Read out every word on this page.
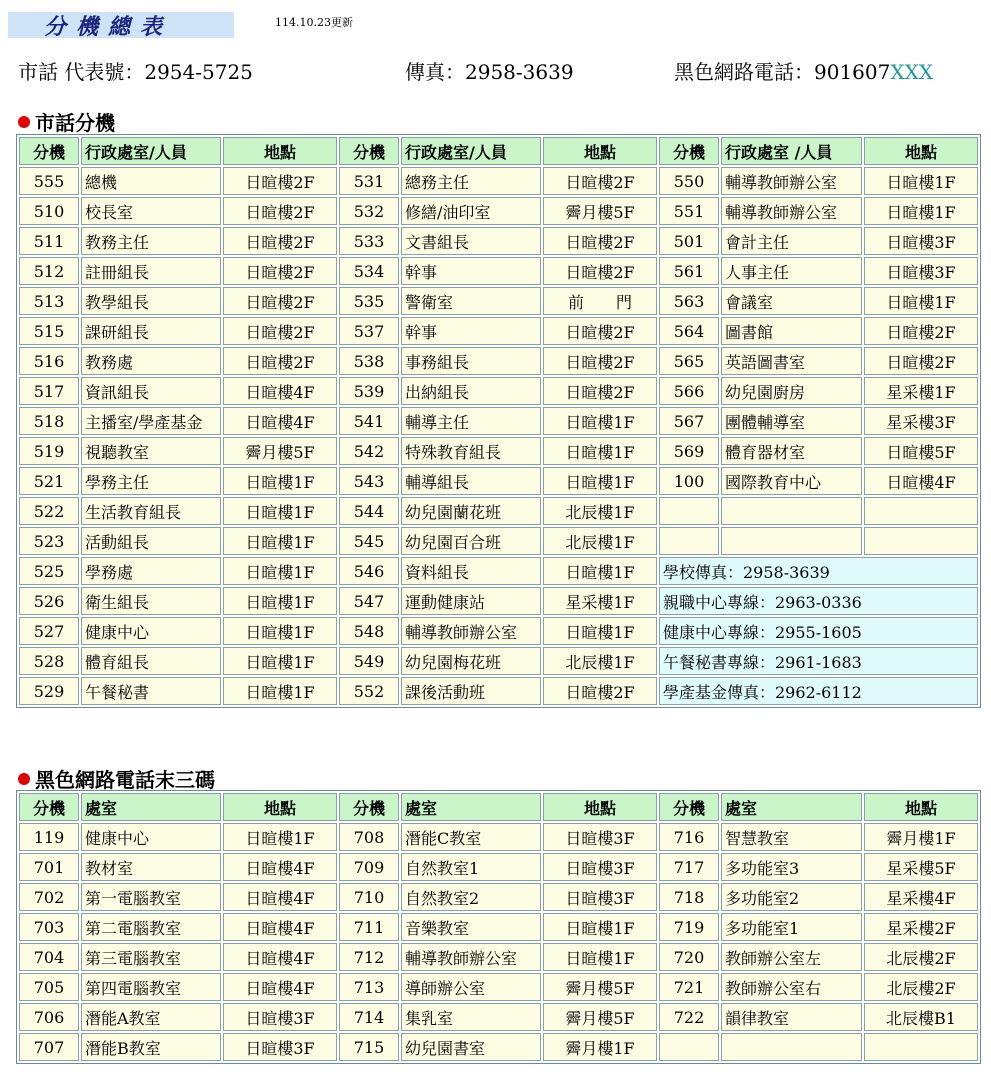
分機總表	114.10.23更新
市話 代表號：2954-5725	傳真：2958-3639	黑色網路電話：901607XXX
市話分機
分機	行政處室/人員	地點	分機	行政處室/人員	地點	分機	行政處室 /人員	地點
555	總機	日暄樓2F	531	總務主任	日暄樓2F	550	輔導教師辦公室	日暄樓1F
510	校長室	日暄樓2F	532	修繕/油印室	霽月樓5F	551	輔導教師辦公室	日暄樓1F
511	教務主任	日暄樓2F	533	文書組長	日暄樓2F	501	會計主任	日暄樓3F
512	註冊組長	日暄樓2F	534	幹事	日暄樓2F	561	人事主任	日暄樓3F
513	教學組長	日暄樓2F	535	警衛室	前　　門	563	會議室	日暄樓1F
515	課研組長	日暄樓2F	537	幹事	日暄樓2F	564	圖書館	日暄樓2F
516	教務處	日暄樓2F	538	事務組長	日暄樓2F	565	英語圖書室	日暄樓2F
517	資訊組長	日暄樓4F	539	出納組長	日暄樓2F	566	幼兒園廚房	星采樓1F
518	主播室/學產基金	日暄樓4F	541	輔導主任	日暄樓1F	567	團體輔導室	星采樓3F
519	視聽教室	霽月樓5F	542	特殊教育組長	日暄樓1F	569	體育器材室	日暄樓5F
521	學務主任	日暄樓1F	543	輔導組長	日暄樓1F	100	國際教育中心	日暄樓4F
522	生活教育組長	日暄樓1F	544	幼兒園蘭花班	北辰樓1F			
523	活動組長	日暄樓1F	545	幼兒園百合班	北辰樓1F			
525	學務處	日暄樓1F	546	資料組長	日暄樓1F	學校傳真：2958-3639		
526	衛生組長	日暄樓1F	547	運動健康站	星采樓1F	親職中心專線：2963-0336		
527	健康中心	日暄樓1F	548	輔導教師辦公室	日暄樓1F	健康中心專線：2955-1605		
528	體育組長	日暄樓1F	549	幼兒園梅花班	北辰樓1F	午餐秘書專線：2961-1683		
529	午餐秘書	日暄樓1F	552	課後活動班	日暄樓2F	學產基金傳真：2962-6112		
黑色網路電話末三碼
分機	處室	地點	分機	處室	地點	分機	處室	地點
119	健康中心	日暄樓1F	708	潛能C教室	日暄樓3F	716	智慧教室	霽月樓1F
701	教材室	日暄樓4F	709	自然教室1	日暄樓3F	717	多功能室3	星采樓5F
702	第一電腦教室	日暄樓4F	710	自然教室2	日暄樓3F	718	多功能室2	星采樓4F
703	第二電腦教室	日暄樓4F	711	音樂教室	日暄樓1F	719	多功能室1	星采樓2F
704	第三電腦教室	日暄樓4F	712	輔導教師辦公室	日暄樓1F	720	教師辦公室左	北辰樓2F
705	第四電腦教室	日暄樓4F	713	導師辦公室	霽月樓5F	721	教師辦公室右	北辰樓2F
706	潛能A教室	日暄樓3F	714	集乳室	霽月樓5F	722	韻律教室	北辰樓B1
707	潛能B教室	日暄樓3F	715	幼兒園書室	霽月樓1F			
